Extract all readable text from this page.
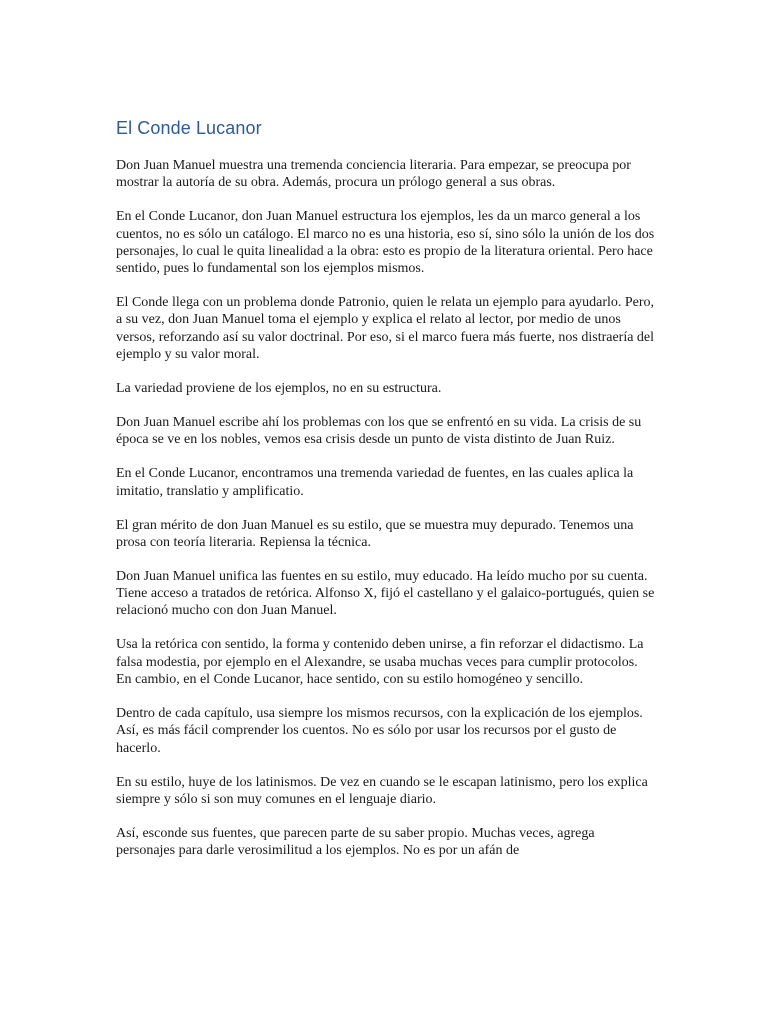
El Conde Lucanor

Don Juan Manuel muestra una tremenda conciencia literaria. Para empezar, se preocupa por mostrar la autoría de su obra. Además, procura un prólogo general a sus obras.

En el Conde Lucanor, don Juan Manuel estructura los ejemplos, les da un marco general a los cuentos, no es sólo un catálogo. El marco no es una historia, eso sí, sino sólo la unión de los dos personajes, lo cual le quita linealidad a la obra: esto es propio de la literatura oriental. Pero hace sentido, pues lo fundamental son los ejemplos mismos.

El Conde llega con un problema donde Patronio, quien le relata un ejemplo para ayudarlo. Pero, a su vez, don Juan Manuel toma el ejemplo y explica el relato al lector, por medio de unos versos, reforzando así su valor doctrinal. Por eso, si el marco fuera más fuerte, nos distraería del ejemplo y su valor moral.

La variedad proviene de los ejemplos, no en su estructura.

Don Juan Manuel escribe ahí los problemas con los que se enfrentó en su vida. La crisis de su época se ve en los nobles, vemos esa crisis desde un punto de vista distinto de Juan Ruiz.

En el Conde Lucanor, encontramos una tremenda variedad de fuentes, en las cuales aplica la imitatio, translatio y amplificatio.

El gran mérito de don Juan Manuel es su estilo, que se muestra muy depurado. Tenemos una prosa con teoría literaria. Repiensa la técnica.

Don Juan Manuel unifica las fuentes en su estilo, muy educado. Ha leído mucho por su cuenta. Tiene acceso a tratados de retórica. Alfonso X, fijó el castellano y el galaico-portugués, quien se relacionó mucho con don Juan Manuel.

Usa la retórica con sentido, la forma y contenido deben unirse, a fin reforzar el didactismo. La falsa modestia, por ejemplo en el Alexandre, se usaba muchas veces para cumplir protocolos. En cambio, en el Conde Lucanor, hace sentido, con su estilo homogéneo y sencillo.

Dentro de cada capítulo, usa siempre los mismos recursos, con la explicación de los ejemplos. Así, es más fácil comprender los cuentos. No es sólo por usar los recursos por el gusto de hacerlo.

En su estilo, huye de los latinismos. De vez en cuando se le escapan latinismo, pero los explica siempre y sólo si son muy comunes en el lenguaje diario.

Así, esconde sus fuentes, que parecen parte de su saber propio. Muchas veces, agrega personajes para darle verosimilitud a los ejemplos. No es por un afán de
